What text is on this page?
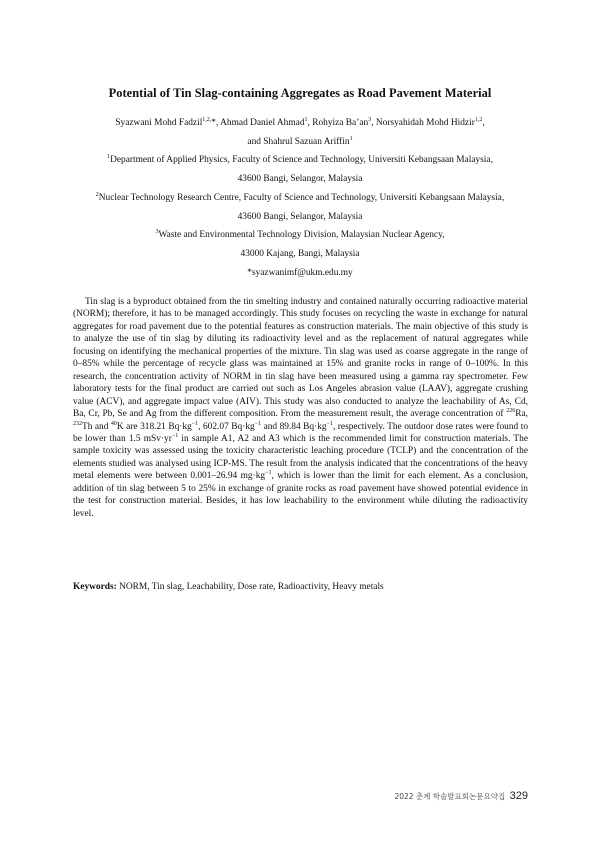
Potential of Tin Slag-containing Aggregates as Road Pavement Material

Syazwani Mohd Fadzil$^{1,2,}$*, Ahmad Daniel Ahmad$^1$, Rohyiza $Ba’an^3$, Norsyahidah Mohd Hidzir$^{1,2}$,

and Shahrul Sazuan Ariffin$^1$

$^1$Department of Applied Physics, Faculty of Science and Technology, Universiti Kebangsaan Malaysia,

43600 Bangi, Selangor, Malaysia

$^2$Nuclear Technology Research Centre, Faculty of Science and Technology, Universiti Kebangsaan Malaysia,

43600 Bangi, Selangor, Malaysia

$^3$Waste and Environmental Technology Division, Malaysian Nuclear Agency,

43000 Kajang, Bangi, Malaysia

*syazwanimf@ukm.edu.my

Tin slag is a byproduct obtained from the tin smelting industry and contained naturally occurring radioactive material (NORM); therefore, it has to be managed accordingly. This study focuses on recycling the waste in exchange for natural aggregates for road pavement due to the potential features as construction materials. The main objective of this study is to analyze the use of tin slag by diluting its radioactivity level and as the replacement of natural aggregates while focusing on identifying the mechanical properties of the mixture. Tin slag was used as coarse aggregate in the range of 0–85% while the percentage of recycle glass was maintained at 15% and granite rocks in range of 0–100%. In this research, the concentration activity of NORM in tin slag have been measured using a gamma ray spectrometer. Few laboratory tests for the final product are carried out such as Los Angeles abrasion value (LAAV), aggregate crushing value (ACV), and aggregate impact value (AIV). This study was also conducted to analyze the leachability of As, Cd, Ba, Cr, Pb, Se and Ag from the different composition. From the measurement result, the average concentration of $^{226}$Ra, $^{232}$Th and $^{40}$K are 318.21 $Bq\cdot kg^{-1}$, 602.07 $Bq\cdot kg^{-1}$ and 89.84 $Bq\cdot kg^{-1}$, respectively. The outdoor dose rates were found to be lower than 1.5 $mSv\cdot yr^{-1}$ in sample A1, A2 and A3 which is the recommended limit for construction materials. The sample toxicity was assessed using the toxicity characteristic leaching procedure (TCLP) and the concentration of the elements studied was analysed using ICP-MS. The result from the analysis indicated that the concentrations of the heavy metal elements were between 0.001–26.94 $mg\cdot kg^{-1}$, which is lower than the limit for each element. As a conclusion, addition of tin slag between 5 to 25% in exchange of granite rocks as road pavement have showed potential evidence in the test for construction material. Besides, it has low leachability to the environment while diluting the radioactivity level.

Keywords: NORM, Tin slag, Leachability, Dose rate, Radioactivity, Heavy metals
2022 춘계 학술발표회논문요약집 329
